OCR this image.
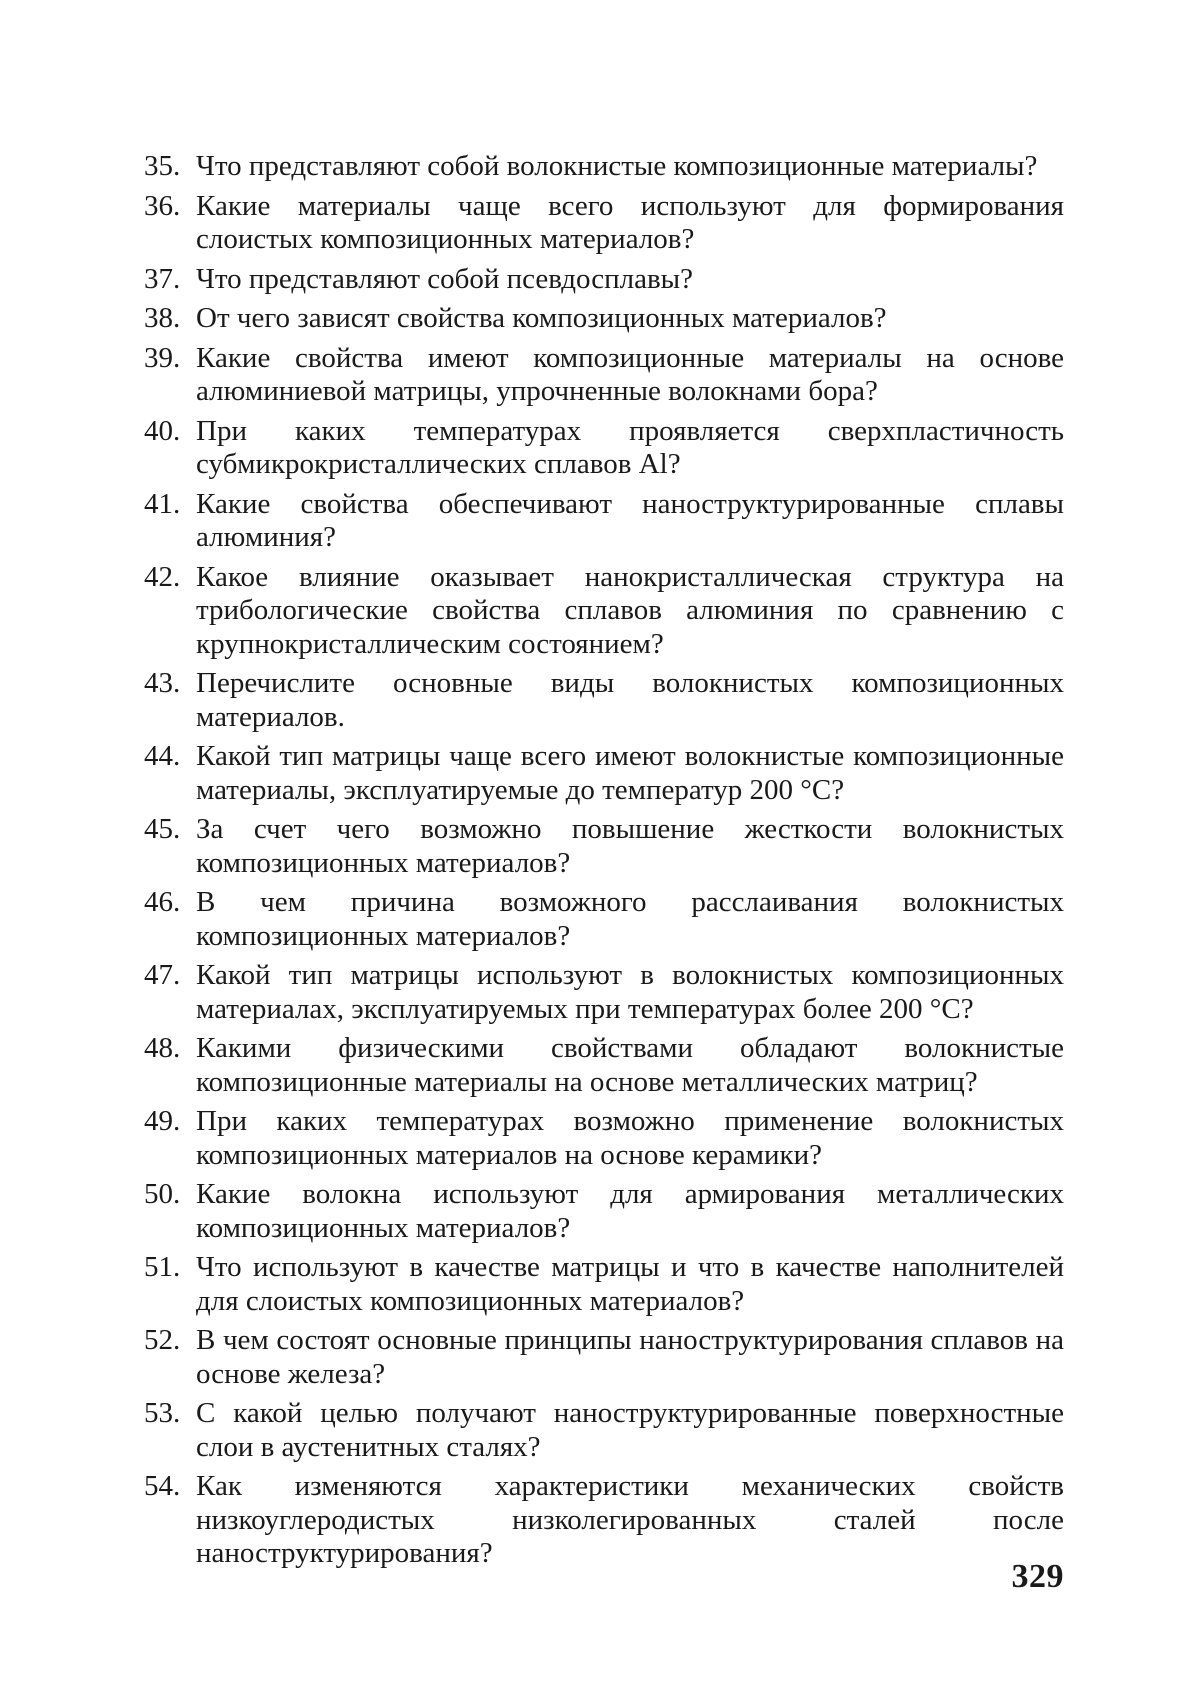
35. Что представляют собой волокнистые композиционные материалы?
36. Какие материалы чаще всего используют для формирования слоистых композиционных материалов?
37. Что представляют собой псевдосплавы?
38. От чего зависят свойства композиционных материалов?
39. Какие свойства имеют композиционные материалы на основе алюминиевой матрицы, упрочненные волокнами бора?
40. При каких температурах проявляется сверхпластичность субмикрокристаллических сплавов Al?
41. Какие свойства обеспечивают наноструктурированные сплавы алюминия?
42. Какое влияние оказывает нанокристаллическая структура на трибологические свойства сплавов алюминия по сравнению с крупнокристаллическим состоянием?
43. Перечислите основные виды волокнистых композиционных материалов.
44. Какой тип матрицы чаще всего имеют волокнистые композиционные материалы, эксплуатируемые до температур 200 °С?
45. За счет чего возможно повышение жесткости волокнистых композиционных материалов?
46. В чем причина возможного расслаивания волокнистых композиционных материалов?
47. Какой тип матрицы используют в волокнистых композиционных материалах, эксплуатируемых при температурах более 200 °С?
48. Какими физическими свойствами обладают волокнистые композиционные материалы на основе металлических матриц?
49. При каких температурах возможно применение волокнистых композиционных материалов на основе керамики?
50. Какие волокна используют для армирования металлических композиционных материалов?
51. Что используют в качестве матрицы и что в качестве наполнителей для слоистых композиционных материалов?
52. В чем состоят основные принципы наноструктурирования сплавов на основе железа?
53. С какой целью получают наноструктурированные поверхностные слои в аустенитных сталях?
54. Как изменяются характеристики механических свойств низкоуглеродистых низколегированных сталей после наноструктурирования?
329
